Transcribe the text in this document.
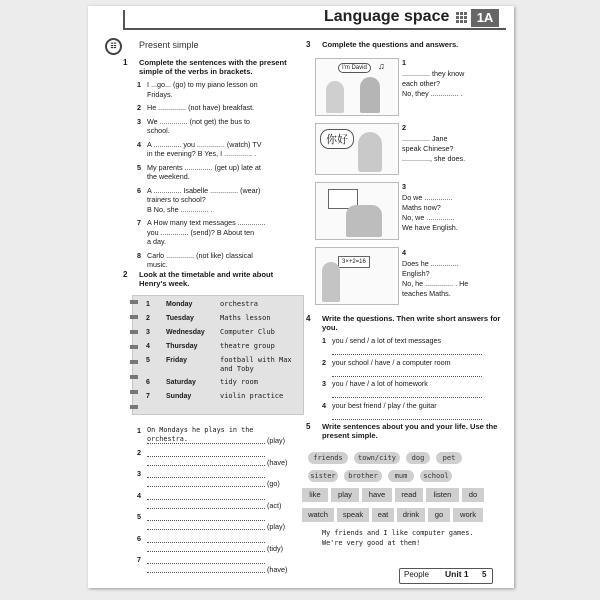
Language space	1A
☷	Present simple
1 Complete the sentences with the present simple of the verbs in brackets.
1 I ...go... (go) to my piano lesson on
Fridays.
2 He .............. (not have) breakfast.
3 We .............. (not get) the bus to
school.
4 A .............. you .............. (watch) TV
in the evening? B Yes, I .............. .
5 My parents .............. (get up) late at
the weekend.
6 A .............. Isabelle .............. (wear)
trainers to school?
B No, she .............. .
7 A How many text messages ..............
you .............. (send)? B About ten
a day.
8 Carlo .............. (not like) classical
music.
2 Look at the timetable and write about Henry's week.
1 Monday	orchestra
2 Tuesday	Maths lesson
3 Wednesday Computer Club
4 Thursday	theatre group
5 Friday	football with Max and Toby
6 Saturday	tidy room
7 Sunday	violin practice
1 On Mondays he plays in the orchestra.	(play)
2
(have)
3
(go)
4
(act)
5
(play)
6
(tidy)
7
(have)
3 Complete the questions and answers.
I'm David	♫
你好
3×+2=16
1
.............. they know
each other?
No, they .............. .
2
.............. Jane
speak Chinese?
.............., she does.
3
Do we ..............
Maths now?
No, we ..............
We have English.
4
Does he ..............
English?
No, he .............. . He
teaches Maths.
4 Write the questions. Then write short answers for you.
1 you / send / a lot of text messages
2 your school / have / a computer room
3 you / have / a lot of homework
4 your best friend / play / the guitar
5 Write sentences about you and your life. Use the present simple.
friends	town/city	dog	pet
sister	brother	mum	school
like	play	have	read	listen	do
watch	speak	eat	drink	go	work
My friends and I like computer games.
We're very good at them!
People Unit 1 5
